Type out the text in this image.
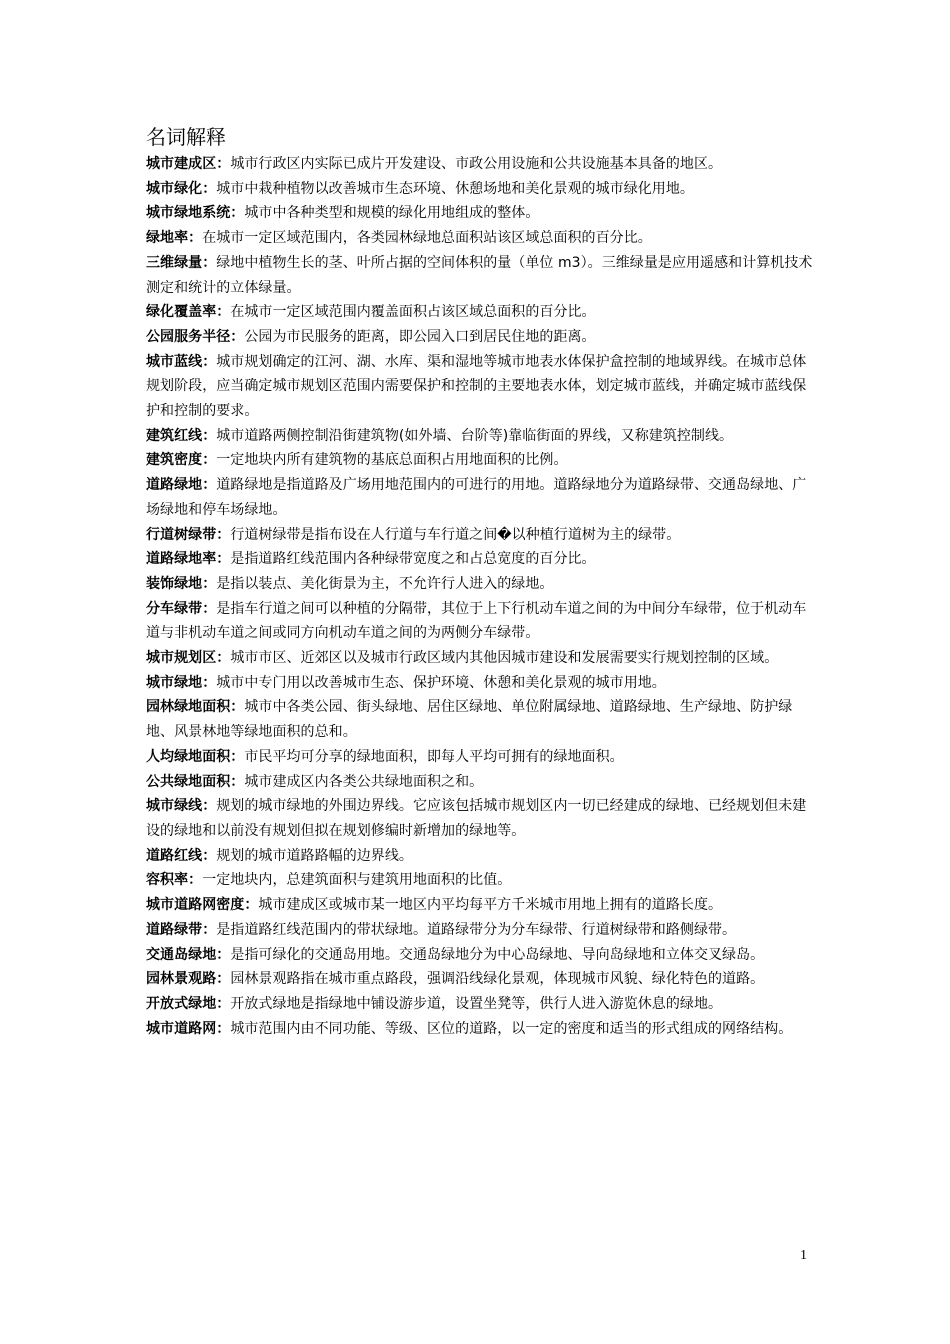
名词解释
城市建成区：城市行政区内实际已成片开发建设、市政公用设施和公共设施基本具备的地区。
城市绿化：城市中栽种植物以改善城市生态环境、休憩场地和美化景观的城市绿化用地。
城市绿地系统：城市中各种类型和规模的绿化用地组成的整体。
绿地率：在城市一定区域范围内，各类园林绿地总面积站该区域总面积的百分比。
三维绿量：绿地中植物生长的茎、叶所占据的空间体积的量（单位 m3）。三维绿量是应用遥感和计算机技术测定和统计的立体绿量。
绿化覆盖率：在城市一定区域范围内覆盖面积占该区域总面积的百分比。
公园服务半径：公园为市民服务的距离，即公园入口到居民住地的距离。
城市蓝线：城市规划确定的江河、湖、水库、渠和湿地等城市地表水体保护盒控制的地域界线。在城市总体规划阶段，应当确定城市规划区范围内需要保护和控制的主要地表水体，划定城市蓝线，并确定城市蓝线保护和控制的要求。
建筑红线：城市道路两侧控制沿街建筑物(如外墙、台阶等)靠临街面的界线，又称建筑控制线。
建筑密度：一定地块内所有建筑物的基底总面积占用地面积的比例。
道路绿地：道路绿地是指道路及广场用地范围内的可进行的用地。道路绿地分为道路绿带、交通岛绿地、广场绿地和停车场绿地。
行道树绿带：行道树绿带是指布设在人行道与车行道之间�以种植行道树为主的绿带。
道路绿地率：是指道路红线范围内各种绿带宽度之和占总宽度的百分比。
装饰绿地：是指以装点、美化街景为主，不允许行人进入的绿地。
分车绿带：是指车行道之间可以种植的分隔带，其位于上下行机动车道之间的为中间分车绿带，位于机动车道与非机动车道之间或同方向机动车道之间的为两侧分车绿带。
城市规划区：城市市区、近郊区以及城市行政区域内其他因城市建设和发展需要实行规划控制的区域。
城市绿地：城市中专门用以改善城市生态、保护环境、休憩和美化景观的城市用地。
园林绿地面积：城市中各类公园、街头绿地、居住区绿地、单位附属绿地、道路绿地、生产绿地、防护绿地、风景林地等绿地面积的总和。
人均绿地面积：市民平均可分享的绿地面积，即每人平均可拥有的绿地面积。
公共绿地面积：城市建成区内各类公共绿地面积之和。
城市绿线：规划的城市绿地的外围边界线。它应该包括城市规划区内一切已经建成的绿地、已经规划但未建设的绿地和以前没有规划但拟在规划修编时新增加的绿地等。
道路红线：规划的城市道路路幅的边界线。
容积率：一定地块内，总建筑面积与建筑用地面积的比值。
城市道路网密度：城市建成区或城市某一地区内平均每平方千米城市用地上拥有的道路长度。
道路绿带：是指道路红线范围内的带状绿地。道路绿带分为分车绿带、行道树绿带和路侧绿带。
交通岛绿地：是指可绿化的交通岛用地。交通岛绿地分为中心岛绿地、导向岛绿地和立体交叉绿岛。
园林景观路：园林景观路指在城市重点路段，强调沿线绿化景观，体现城市风貌、绿化特色的道路。
开放式绿地：开放式绿地是指绿地中铺设游步道，设置坐凳等，供行人进入游览休息的绿地。
城市道路网：城市范围内由不同功能、等级、区位的道路，以一定的密度和适当的形式组成的网络结构。
1
